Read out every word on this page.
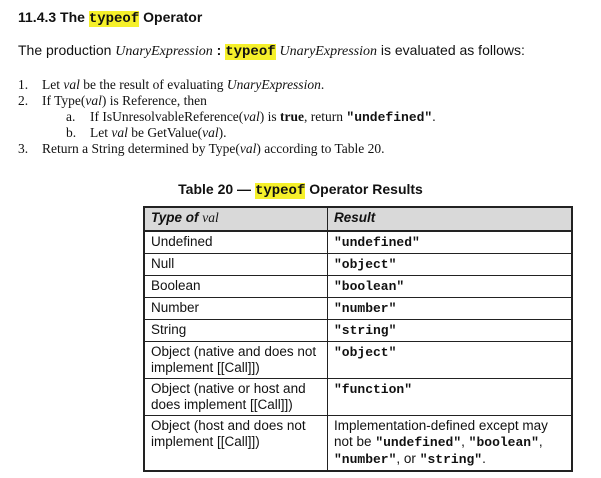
11.4.3 The typeof Operator
The production UnaryExpression : typeof UnaryExpression is evaluated as follows:
1. Let val be the result of evaluating UnaryExpression.
2. If Type(val) is Reference, then
a. If IsUnresolvableReference(val) is true, return "undefined".
b. Let val be GetValue(val).
3. Return a String determined by Type(val) according to Table 20.
Table 20 — typeof Operator Results
Type of val	Result
Undefined	"undefined"
Null	"object"
Boolean	"boolean"
Number	"number"
String	"string"
Object (native and does not implement [[Call]])	"object"
Object (native or host and does implement [[Call]])	"function"
Object (host and does not implement [[Call]])	Implementation-defined except may not be "undefined", "boolean", "number", or "string".
